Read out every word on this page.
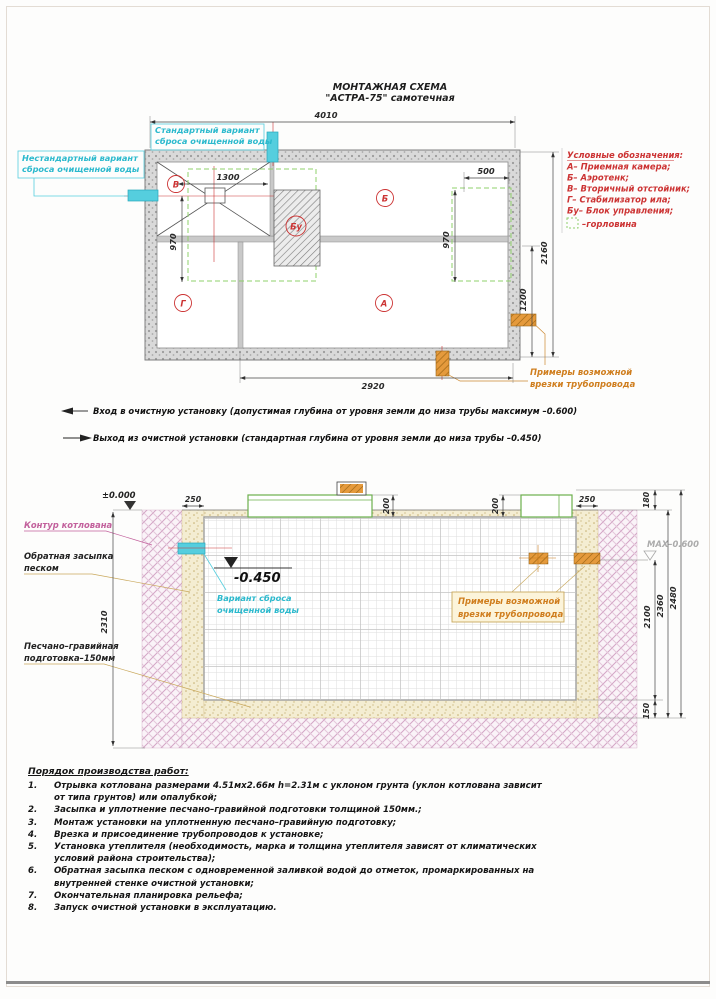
МОНТАЖНАЯ СХЕМА
"АСТРА-75" самотечная
В
Б
Бу
Г	А
4010
1300
500
970	970
1200
2160
2920
Стандартный вариант
сброса очищенной воды
Нестандартный вариант
сброса очищенной воды
Примеры возможной
врезки трубопровода
Условные обозначения:
А– Приемная камера;
Б– Аэротенк;
В– Вторичный отстойник;
Г– Стабилизатор ила;
Бу– Блок управления;
–горловина
Вход в очистную установку (допустимая глубина от уровня земли до низа трубы максимум –0.600)
Выход из очистной установки (стандартная глубина от уровня земли до низа трубы –0.450)
±0.000
-0.450
MAX–0.600
Контур котлована
Обратная засыпка
песком
Песчано–гравийная
подготовка–150мм
Вариант сброса
очищенной воды
Примеры возможной
врезки трубопровода
2310
250	250
200	200	180
2100
150
2360 2480
Порядок производства работ:
1.	Отрывка котлована размерами 4.51мх2.66м h=2.31м с уклоном грунта (уклон котлована зависит от типа грунтов) или опалубкой;
2.	Засыпка и уплотнение песчано–гравийной подготовки толщиной 150мм.;
3.	Монтаж установки на уплотненную песчано–гравийную подготовку;
4.	Врезка и присоединение трубопроводов к установке;
5.	Установка утеплителя (необходимость, марка и толщина утеплителя зависят от климатических условий района строительства);
6.	Обратная засыпка песком с одновременной заливкой водой до отметок, промаркированных на внутренней стенке очистной установки;
7.	Окончательная планировка рельефа;
8.	Запуск очистной установки в эксплуатацию.
